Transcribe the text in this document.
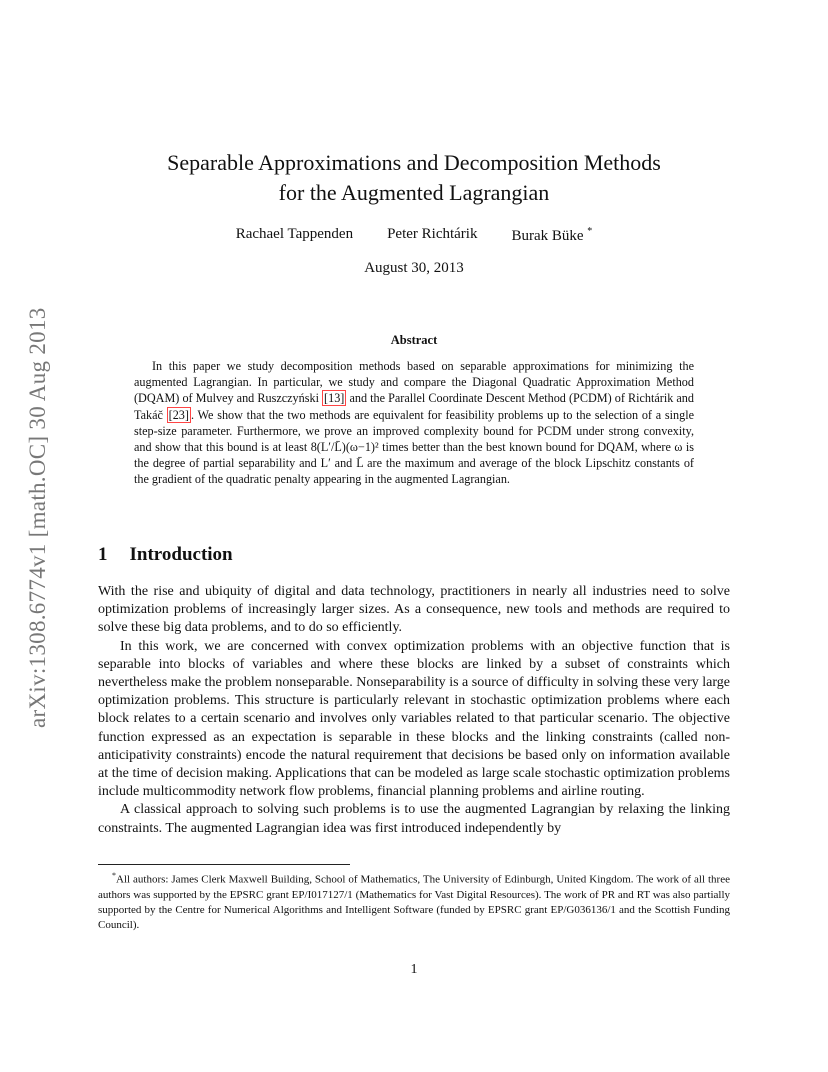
arXiv:1308.6774v1 [math.OC] 30 Aug 2013
Separable Approximations and Decomposition Methods
for the Augmented Lagrangian
Rachael Tappenden Peter Richtárik Burak Büke *
August 30, 2013
Abstract
In this paper we study decomposition methods based on separable approximations for minimizing the augmented Lagrangian. In particular, we study and compare the Diagonal Quadratic Approximation Method (DQAM) of Mulvey and Ruszczyński [13] and the Parallel Coordinate Descent Method (PCDM) of Richtárik and Takáč [23] . We show that the two methods are equivalent for feasibility problems up to the selection of a single step-size parameter. Furthermore, we prove an improved complexity bound for PCDM under strong convexity, and show that this bound is at least 8(L′/L̄)(ω−1)² times better than the best known bound for DQAM, where ω is the degree of partial separability and L′ and L̄ are the maximum and average of the block Lipschitz constants of the gradient of the quadratic penalty appearing in the augmented Lagrangian.
1 Introduction

With the rise and ubiquity of digital and data technology, practitioners in nearly all industries need to solve optimization problems of increasingly larger sizes. As a consequence, new tools and methods are required to solve these big data problems, and to do so efficiently.

In this work, we are concerned with convex optimization problems with an objective function that is separable into blocks of variables and where these blocks are linked by a subset of constraints which nevertheless make the problem nonseparable. Nonseparability is a source of difficulty in solving these very large optimization problems. This structure is particularly relevant in stochastic optimization problems where each block relates to a certain scenario and involves only variables related to that particular scenario. The objective function expressed as an expectation is separable in these blocks and the linking constraints (called non-anticipativity constraints) encode the natural requirement that decisions be based only on information available at the time of decision making. Applications that can be modeled as large scale stochastic optimization problems include multicommodity network flow problems, financial planning problems and airline routing.

A classical approach to solving such problems is to use the augmented Lagrangian by relaxing the linking constraints. The augmented Lagrangian idea was first introduced independently by

*All authors: James Clerk Maxwell Building, School of Mathematics, The University of Edinburgh, United Kingdom. The work of all three authors was supported by the EPSRC grant EP/I017127/1 (Mathematics for Vast Digital Resources). The work of PR and RT was also partially supported by the Centre for Numerical Algorithms and Intelligent Software (funded by EPSRC grant EP/G036136/1 and the Scottish Funding Council).
1
